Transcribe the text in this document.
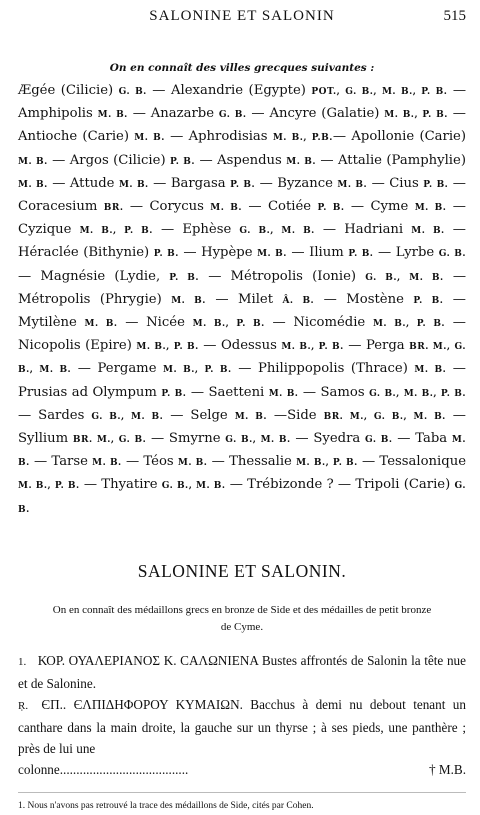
SALONINE ET SALONIN	515
On en connaît des villes grecques suivantes :
Ægée (Cilicie) G. B. — Alexandrie (Egypte) POT., G. B., M. B., P. B. — Amphipolis M. B. — Anazarbe G. B. — Ancyre (Galatie) M. B., P. B. — Antioche (Carie) M. B. — Aphrodisias M. B., P.B.— Apollonie (Carie) M. B. — Argos (Cilicie) P. B. — Aspendus M. B. — Attalie (Pamphylie) M. B. — Attude M. B. — Bargasa P. B. — Byzance M. B. — Cius P. B. — Coracesium BR. — Corycus M. B. — Cotiée P. B. — Cyme M. B. — Cyzique M. B., P. B. — Ephèse G. B., M. B. — Hadriani M. B. — Héraclée (Bithynie) P. B. — Hypèpe M. B. — Ilium P. B. — Lyrbe G. B. — Magnésie (Lydie, P. B. — Métropolis (Ionie) G. B., M. B. — Métropolis (Phrygie) M. B. — Milet Â. B. — Mostène P. B. — Mytilène M. B. — Nicée M. B., P. B. — Nicomédie M. B., P. B. — Nicopolis (Epire) M. B., P. B. — Odessus M. B., P. B. — Perga BR. M., G. B., M. B. — Pergame M. B., P. B. — Philippopolis (Thrace) M. B. — Prusias ad Olympum P. B. — Saetteni M. B. — Samos G. B., M. B., P. B. — Sardes G. B., M. B. — Selge M. B. —Side BR. M., G. B., M. B. — Syllium BR. M., G. B. — Smyrne G. B., M. B. — Syedra G. B. — Taba M. B. — Tarse M. B. — Téos M. B. — Thessalie M. B., P. B. — Tessalonique M. B., P. B. — Thyatire G. B., M. B. — Trébizonde ? — Tripoli (Carie) G. B.
SALONINE ET SALONIN.
On en connaît des médaillons grecs en bronze de Side et des médailles de petit bronze de Cyme.
1. ΚΟΡ. ΟΥΑΛΕΡΙΑΝΟΣ Κ. CΑΛΩΝΙΕΝΑ Bustes affrontés de Salonin la tête nue et de Salonine.
Ṛ. ЄΠ.. ЄΛΠΙΔΗΦΟΡΟΥ ΚΥΜΑΙΩΝ. Bacchus à demi nu debout tenant un canthare dans la main droite, la gauche sur un thyrse ; à ses pieds, une panthère ; près de lui une
colonne.......................................	† M.B.
1. Nous n'avons pas retrouvé la trace des médaillons de Side, cités par Cohen.
